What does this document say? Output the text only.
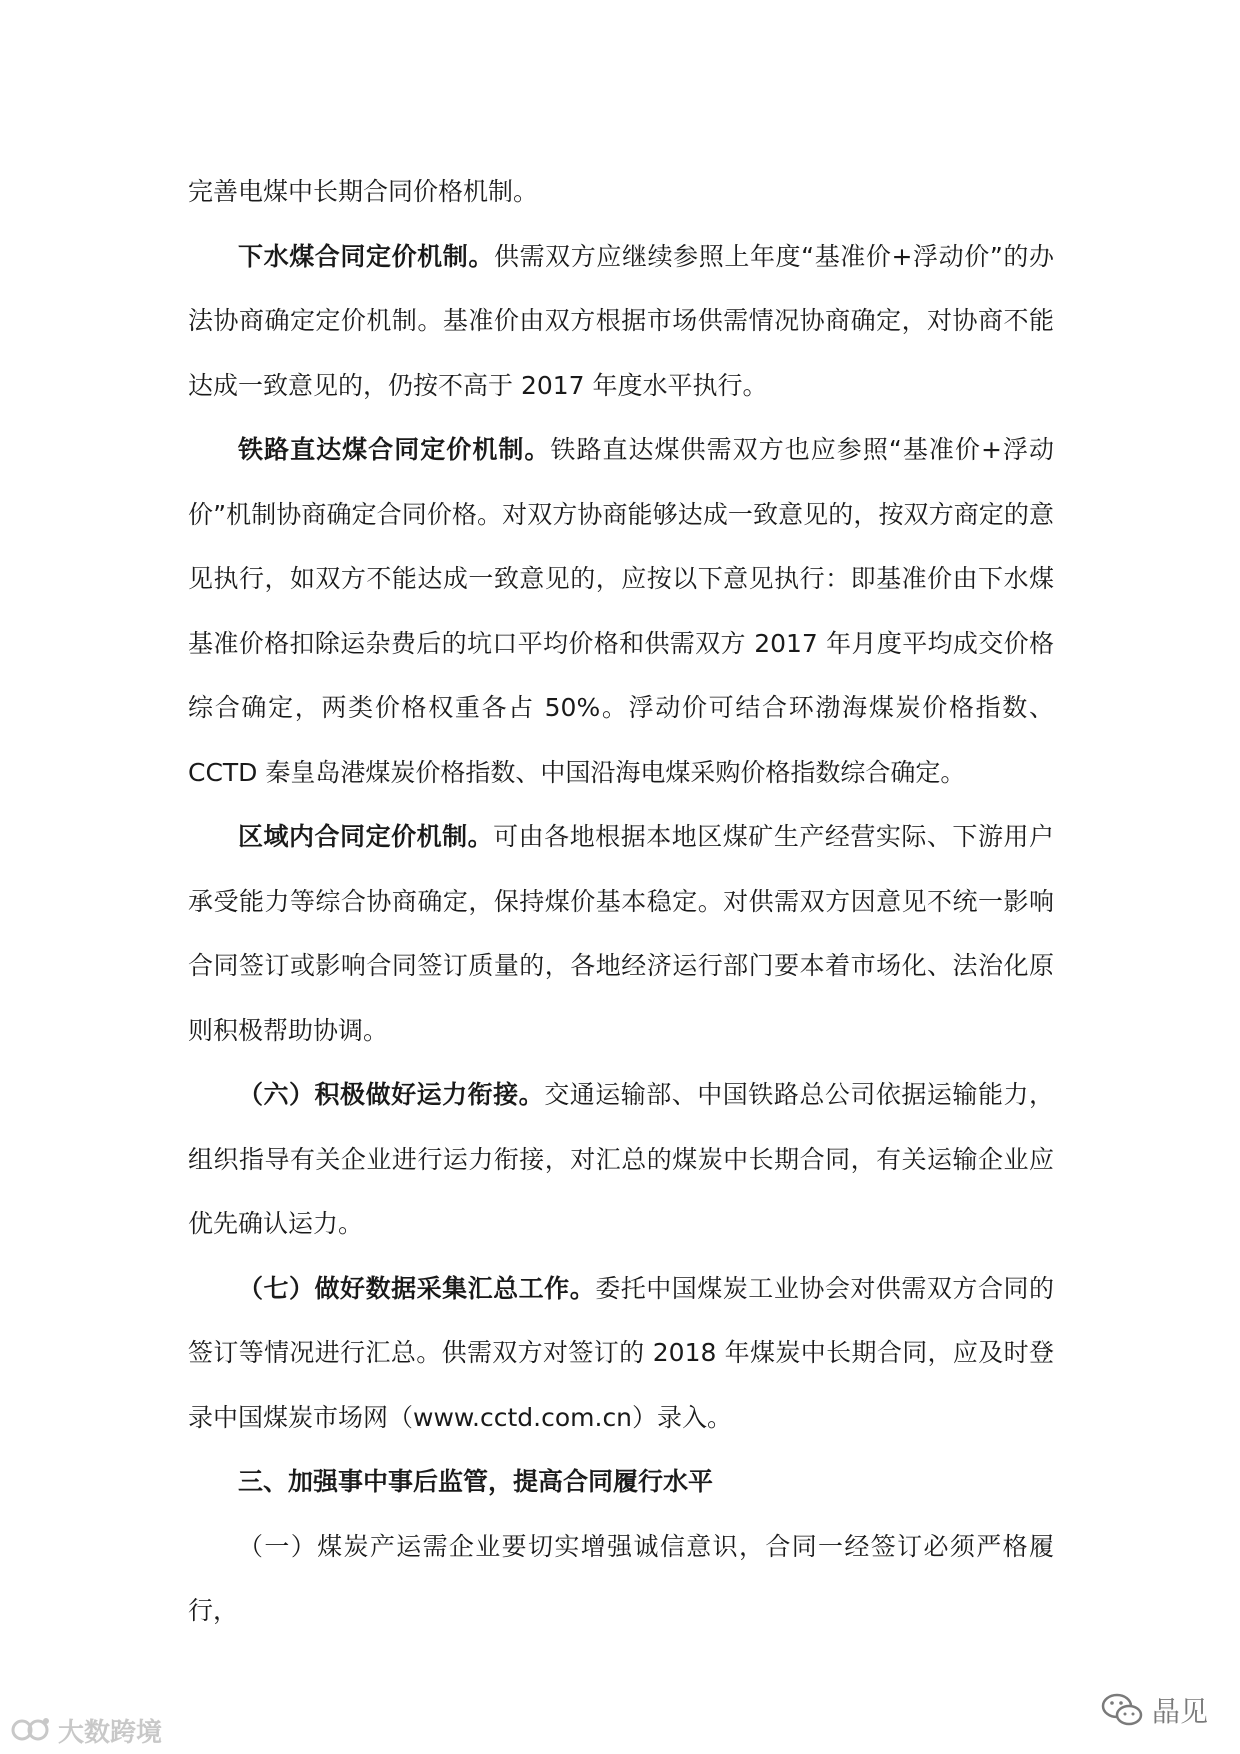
完善电煤中长期合同价格机制。

下水煤合同定价机制。供需双方应继续参照上年度“基准价+浮动价”的办法协商确定定价机制。基准价由双方根据市场供需情况协商确定，对协商不能达成一致意见的，仍按不高于 2017 年度水平执行。

铁路直达煤合同定价机制。铁路直达煤供需双方也应参照“基准价+浮动价”机制协商确定合同价格。对双方协商能够达成一致意见的，按双方商定的意见执行，如双方不能达成一致意见的，应按以下意见执行：即基准价由下水煤基准价格扣除运杂费后的坑口平均价格和供需双方 2017 年月度平均成交价格综合确定，两类价格权重各占 50%。浮动价可结合环渤海煤炭价格指数、CCTD 秦皇岛港煤炭价格指数、中国沿海电煤采购价格指数综合确定。

区域内合同定价机制。可由各地根据本地区煤矿生产经营实际、下游用户承受能力等综合协商确定，保持煤价基本稳定。对供需双方因意见不统一影响合同签订或影响合同签订质量的，各地经济运行部门要本着市场化、法治化原则积极帮助协调。

（六）积极做好运力衔接。交通运输部、中国铁路总公司依据运输能力，组织指导有关企业进行运力衔接，对汇总的煤炭中长期合同，有关运输企业应优先确认运力。

（七）做好数据采集汇总工作。委托中国煤炭工业协会对供需双方合同的签订等情况进行汇总。供需双方对签订的 2018 年煤炭中长期合同，应及时登录中国煤炭市场网（www.cctd.com.cn）录入。

三、加强事中事后监管，提高合同履行水平

（一）煤炭产运需企业要切实增强诚信意识，合同一经签订必须严格履行，

大数跨境
晶见
